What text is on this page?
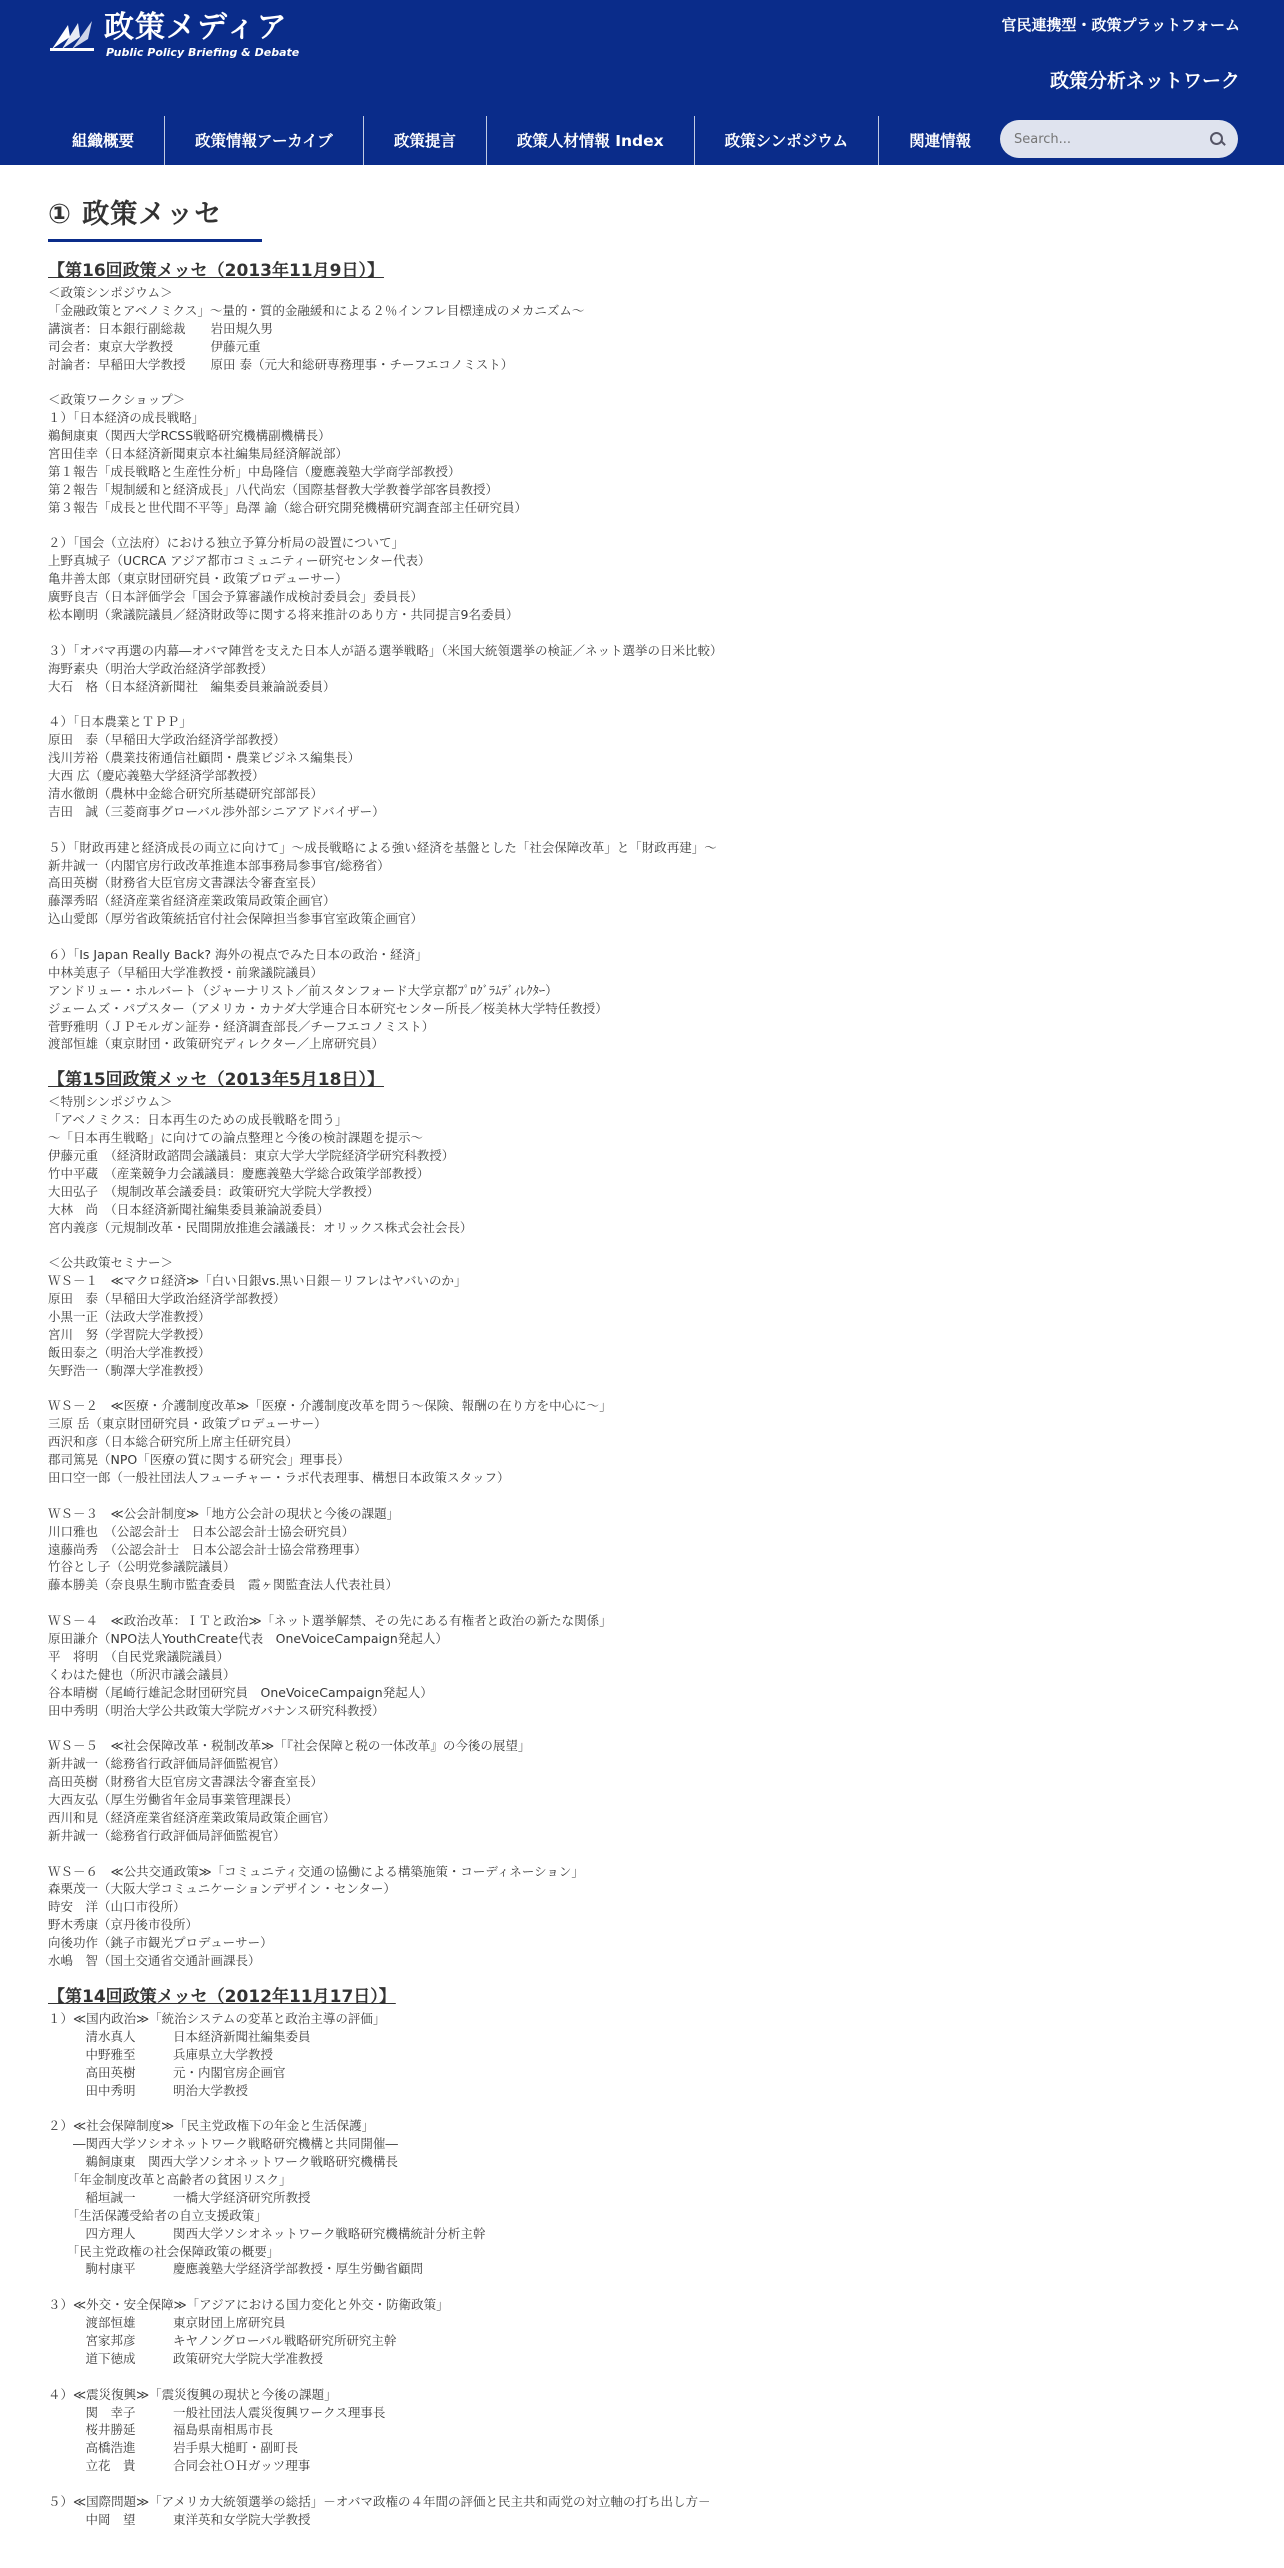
政策メディア
Public Policy Briefing & Debate
官民連携型・政策プラットフォーム
政策分析ネットワーク
組織概要	政策情報アーカイブ	政策提言	政策人材情報 Index	政策シンポジウム	関連情報
Search...
① 政策メッセ
【第16回政策メッセ（2013年11月9日）】
＜政策シンポジウム＞
「金融政策とアベノミクス」～量的・質的金融緩和による２％インフレ目標達成のメカニズム～
講演者：日本銀行副総裁　　岩田規久男
司会者：東京大学教授　　　伊藤元重
討論者：早稲田大学教授　　原田 泰（元大和総研専務理事・チーフエコノミスト）
＜政策ワークショップ＞
１）「日本経済の成長戦略」
鵜飼康東（関西大学RCSS戦略研究機構副機構長）
宮田佳幸（日本経済新聞東京本社編集局経済解説部）
第１報告「成長戦略と生産性分析」中島隆信（慶應義塾大学商学部教授）
第２報告「規制緩和と経済成長」八代尚宏（国際基督教大学教養学部客員教授）
第３報告「成長と世代間不平等」島澤 諭（総合研究開発機構研究調査部主任研究員）
２）「国会（立法府）における独立予算分析局の設置について」
上野真城子（UCRCA アジア都市コミュニティー研究センター代表）
亀井善太郎（東京財団研究員・政策プロデューサー）
廣野良吉（日本評価学会「国会予算審議作成検討委員会」委員長）
松本剛明（衆議院議員／経済財政等に関する将来推計のあり方・共同提言9名委員）
３）「オバマ再選の内幕―オバマ陣営を支えた日本人が語る選挙戦略」（米国大統領選挙の検証／ネット選挙の日米比較）
海野素央（明治大学政治経済学部教授）
大石　格（日本経済新聞社　編集委員兼論説委員）
４）「日本農業とＴＰＰ」
原田　泰（早稲田大学政治経済学部教授）
浅川芳裕（農業技術通信社顧問・農業ビジネス編集長）
大西 広（慶応義塾大学経済学部教授）
清水徹朗（農林中金総合研究所基礎研究部部長）
吉田　誠（三菱商事グローバル渉外部シニアアドバイザー）
５）「財政再建と経済成長の両立に向けて」～成長戦略による強い経済を基盤とした「社会保障改革」と「財政再建」～
新井誠一（内閣官房行政改革推進本部事務局参事官/総務省）
高田英樹（財務省大臣官房文書課法令審査室長）
藤澤秀昭（経済産業省経済産業政策局政策企画官）
込山愛郎（厚労省政策統括官付社会保障担当参事官室政策企画官）
６）「Is Japan Really Back? 海外の視点でみた日本の政治・経済」
中林美恵子（早稲田大学准教授・前衆議院議員）
アンドリュー・ホルバート（ジャーナリスト／前スタンフォード大学京都ﾌﾟﾛｸﾞﾗﾑﾃﾞｨﾚｸﾀｰ）
ジェームズ・パプスター（アメリカ・カナダ大学連合日本研究センター所長／桜美林大学特任教授）
菅野雅明（ＪＰモルガン証券・経済調査部長／チーフエコノミスト）
渡部恒雄（東京財団・政策研究ディレクター／上席研究員）
【第15回政策メッセ（2013年5月18日）】
＜特別シンポジウム＞
「アベノミクス：日本再生のための成長戦略を問う」
～「日本再生戦略」に向けての論点整理と今後の検討課題を提示～
伊藤元重　（経済財政諮問会議議員：東京大学大学院経済学研究科教授）
竹中平蔵　（産業競争力会議議員：慶應義塾大学総合政策学部教授）
大田弘子　（規制改革会議委員：政策研究大学院大学教授）
大林　尚　（日本経済新聞社編集委員兼論説委員）
宮内義彦（元規制改革・民間開放推進会議議長：オリックス株式会社会長）
＜公共政策セミナー＞
ＷＳ－１　≪マクロ経済≫「白い日銀vs.黒い日銀－リフレはヤバいのか」
原田　泰（早稲田大学政治経済学部教授）
小黒一正（法政大学准教授）
宮川　努（学習院大学教授）
飯田泰之（明治大学准教授）
矢野浩一（駒澤大学准教授）
ＷＳ－２　≪医療・介護制度改革≫「医療・介護制度改革を問う～保険、報酬の在り方を中心に～」
三原 岳（東京財団研究員・政策プロデューサー）
西沢和彦（日本総合研究所上席主任研究員）
郡司篤晃（NPO「医療の質に関する研究会」理事長）
田口空一郎（一般社団法人フューチャー・ラボ代表理事、構想日本政策スタッフ）
ＷＳ－３　≪公会計制度≫「地方公会計の現状と今後の課題」
川口雅也　（公認会計士　日本公認会計士協会研究員）
遠藤尚秀　（公認会計士　日本公認会計士協会常務理事）
竹谷とし子（公明党参議院議員）
藤本勝美（奈良県生駒市監査委員　霞ヶ関監査法人代表社員）
ＷＳ－４　≪政治改革：ＩＴと政治≫「ネット選挙解禁、その先にある有権者と政治の新たな関係」
原田謙介（NPO法人YouthCreate代表　OneVoiceCampaign発起人）
平　将明　（自民党衆議院議員）
くわはた健也（所沢市議会議員）
谷本晴樹（尾崎行雄記念財団研究員　OneVoiceCampaign発起人）
田中秀明（明治大学公共政策大学院ガバナンス研究科教授）
ＷＳ－５　≪社会保障改革・税制改革≫「『社会保障と税の一体改革』の今後の展望」
新井誠一（総務省行政評価局評価監視官）
高田英樹（財務省大臣官房文書課法令審査室長）
大西友弘（厚生労働省年金局事業管理課長）
西川和見（経済産業省経済産業政策局政策企画官）
新井誠一（総務省行政評価局評価監視官）
ＷＳ－６　≪公共交通政策≫「コミュニティ交通の協働による構築施策・コーディネーション」
森栗茂一（大阪大学コミュニケーションデザイン・センター）
時安　洋（山口市役所）
野木秀康（京丹後市役所）
向後功作（銚子市観光プロデューサー）
水嶋　智（国土交通省交通計画課長）
【第14回政策メッセ（2012年11月17日）】
１）≪国内政治≫「統治システムの変革と政治主導の評価」
　　　清水真人　　　日本経済新聞社編集委員
　　　中野雅至　　　兵庫県立大学教授
　　　高田英樹　　　元・内閣官房企画官
　　　田中秀明　　　明治大学教授
２）≪社会保障制度≫「民主党政権下の年金と生活保護」
　　―関西大学ソシオネットワーク戦略研究機構と共同開催―
　　　鵜飼康東　関西大学ソシオネットワーク戦略研究機構長
　　「年金制度改革と高齢者の貧困リスク」
　　　稲垣誠一　　　一橋大学経済研究所教授
　　「生活保護受給者の自立支援政策」
　　　四方理人　　　関西大学ソシオネットワーク戦略研究機構統計分析主幹
　　「民主党政権の社会保障政策の概要」
　　　駒村康平　　　慶應義塾大学経済学部教授・厚生労働省顧問
３）≪外交・安全保障≫「アジアにおける国力変化と外交・防衛政策」
　　　渡部恒雄　　　東京財団上席研究員
　　　宮家邦彦　　　キヤノングローバル戦略研究所研究主幹
　　　道下徳成　　　政策研究大学院大学准教授
４）≪震災復興≫「震災復興の現状と今後の課題」
　　　関　幸子　　　一般社団法人震災復興ワークス理事長
　　　桜井勝延　　　福島県南相馬市長
　　　高橋浩進　　　岩手県大槌町・副町長
　　　立花　貴　　　合同会社ＯＨガッツ理事
５）≪国際問題≫「アメリカ大統領選挙の総括」－オバマ政権の４年間の評価と民主共和両党の対立軸の打ち出し方－
　　　中岡　望　　　東洋英和女学院大学教授
